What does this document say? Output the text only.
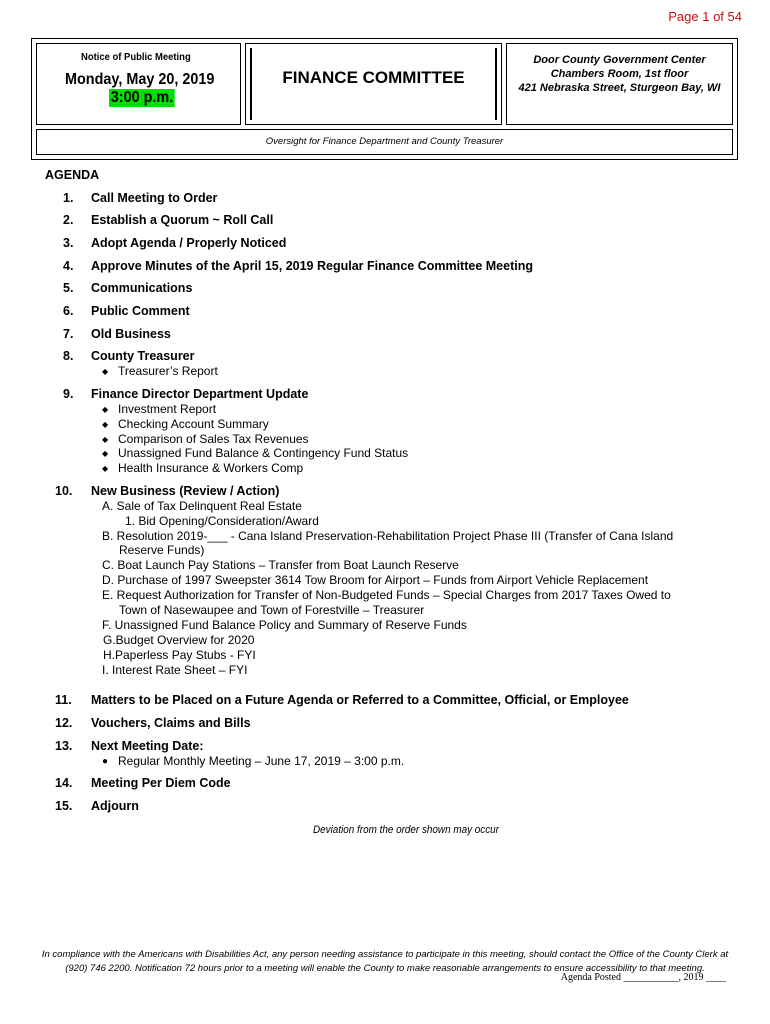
Page 1 of 54
Notice of Public Meeting
Monday, May 20, 2019
3:00 p.m.
FINANCE COMMITTEE
Door County Government Center
Chambers Room, 1st floor
421 Nebraska Street, Sturgeon Bay, WI
Oversight for Finance Department and County Treasurer
AGENDA
1. Call Meeting to Order
2. Establish a Quorum ~ Roll Call
3. Adopt Agenda / Properly Noticed
4. Approve Minutes of the April 15, 2019 Regular Finance Committee Meeting
5. Communications
6. Public Comment
7. Old Business
8. County Treasurer
◆ Treasurer’s Report
9. Finance Director Department Update
◆ Investment Report
◆ Checking Account Summary
◆ Comparison of Sales Tax Revenues
◆ Unassigned Fund Balance & Contingency Fund Status
◆ Health Insurance & Workers Comp
10. New Business (Review / Action)
A. Sale of Tax Delinquent Real Estate
1. Bid Opening/Consideration/Award
B. Resolution 2019-___ - Cana Island Preservation-Rehabilitation Project Phase III (Transfer of Cana Island
Reserve Funds)
C. Boat Launch Pay Stations – Transfer from Boat Launch Reserve
D. Purchase of 1997 Sweepster 3614 Tow Broom for Airport – Funds from Airport Vehicle Replacement
E. Request Authorization for Transfer of Non-Budgeted Funds – Special Charges from 2017 Taxes Owed to
Town of Nasewaupee and Town of Forestville – Treasurer
F. Unassigned Fund Balance Policy and Summary of Reserve Funds
G.Budget Overview for 2020
H.Paperless Pay Stubs - FYI
I. Interest Rate Sheet – FYI
11. Matters to be Placed on a Future Agenda or Referred to a Committee, Official, or Employee
12. Vouchers, Claims and Bills
13. Next Meeting Date:
● Regular Monthly Meeting – June 17, 2019 – 3:00 p.m.
14. Meeting Per Diem Code
15. Adjourn
Deviation from the order shown may occur
In compliance with the Americans with Disabilities Act, any person needing assistance to participate in this meeting, should contact the Office of the County Clerk at
(920) 746 2200. Notification 72 hours prior to a meeting will enable the County to make reasonable arrangements to ensure accessibility to that meeting.
Agenda Posted ___________, 2019 ____
